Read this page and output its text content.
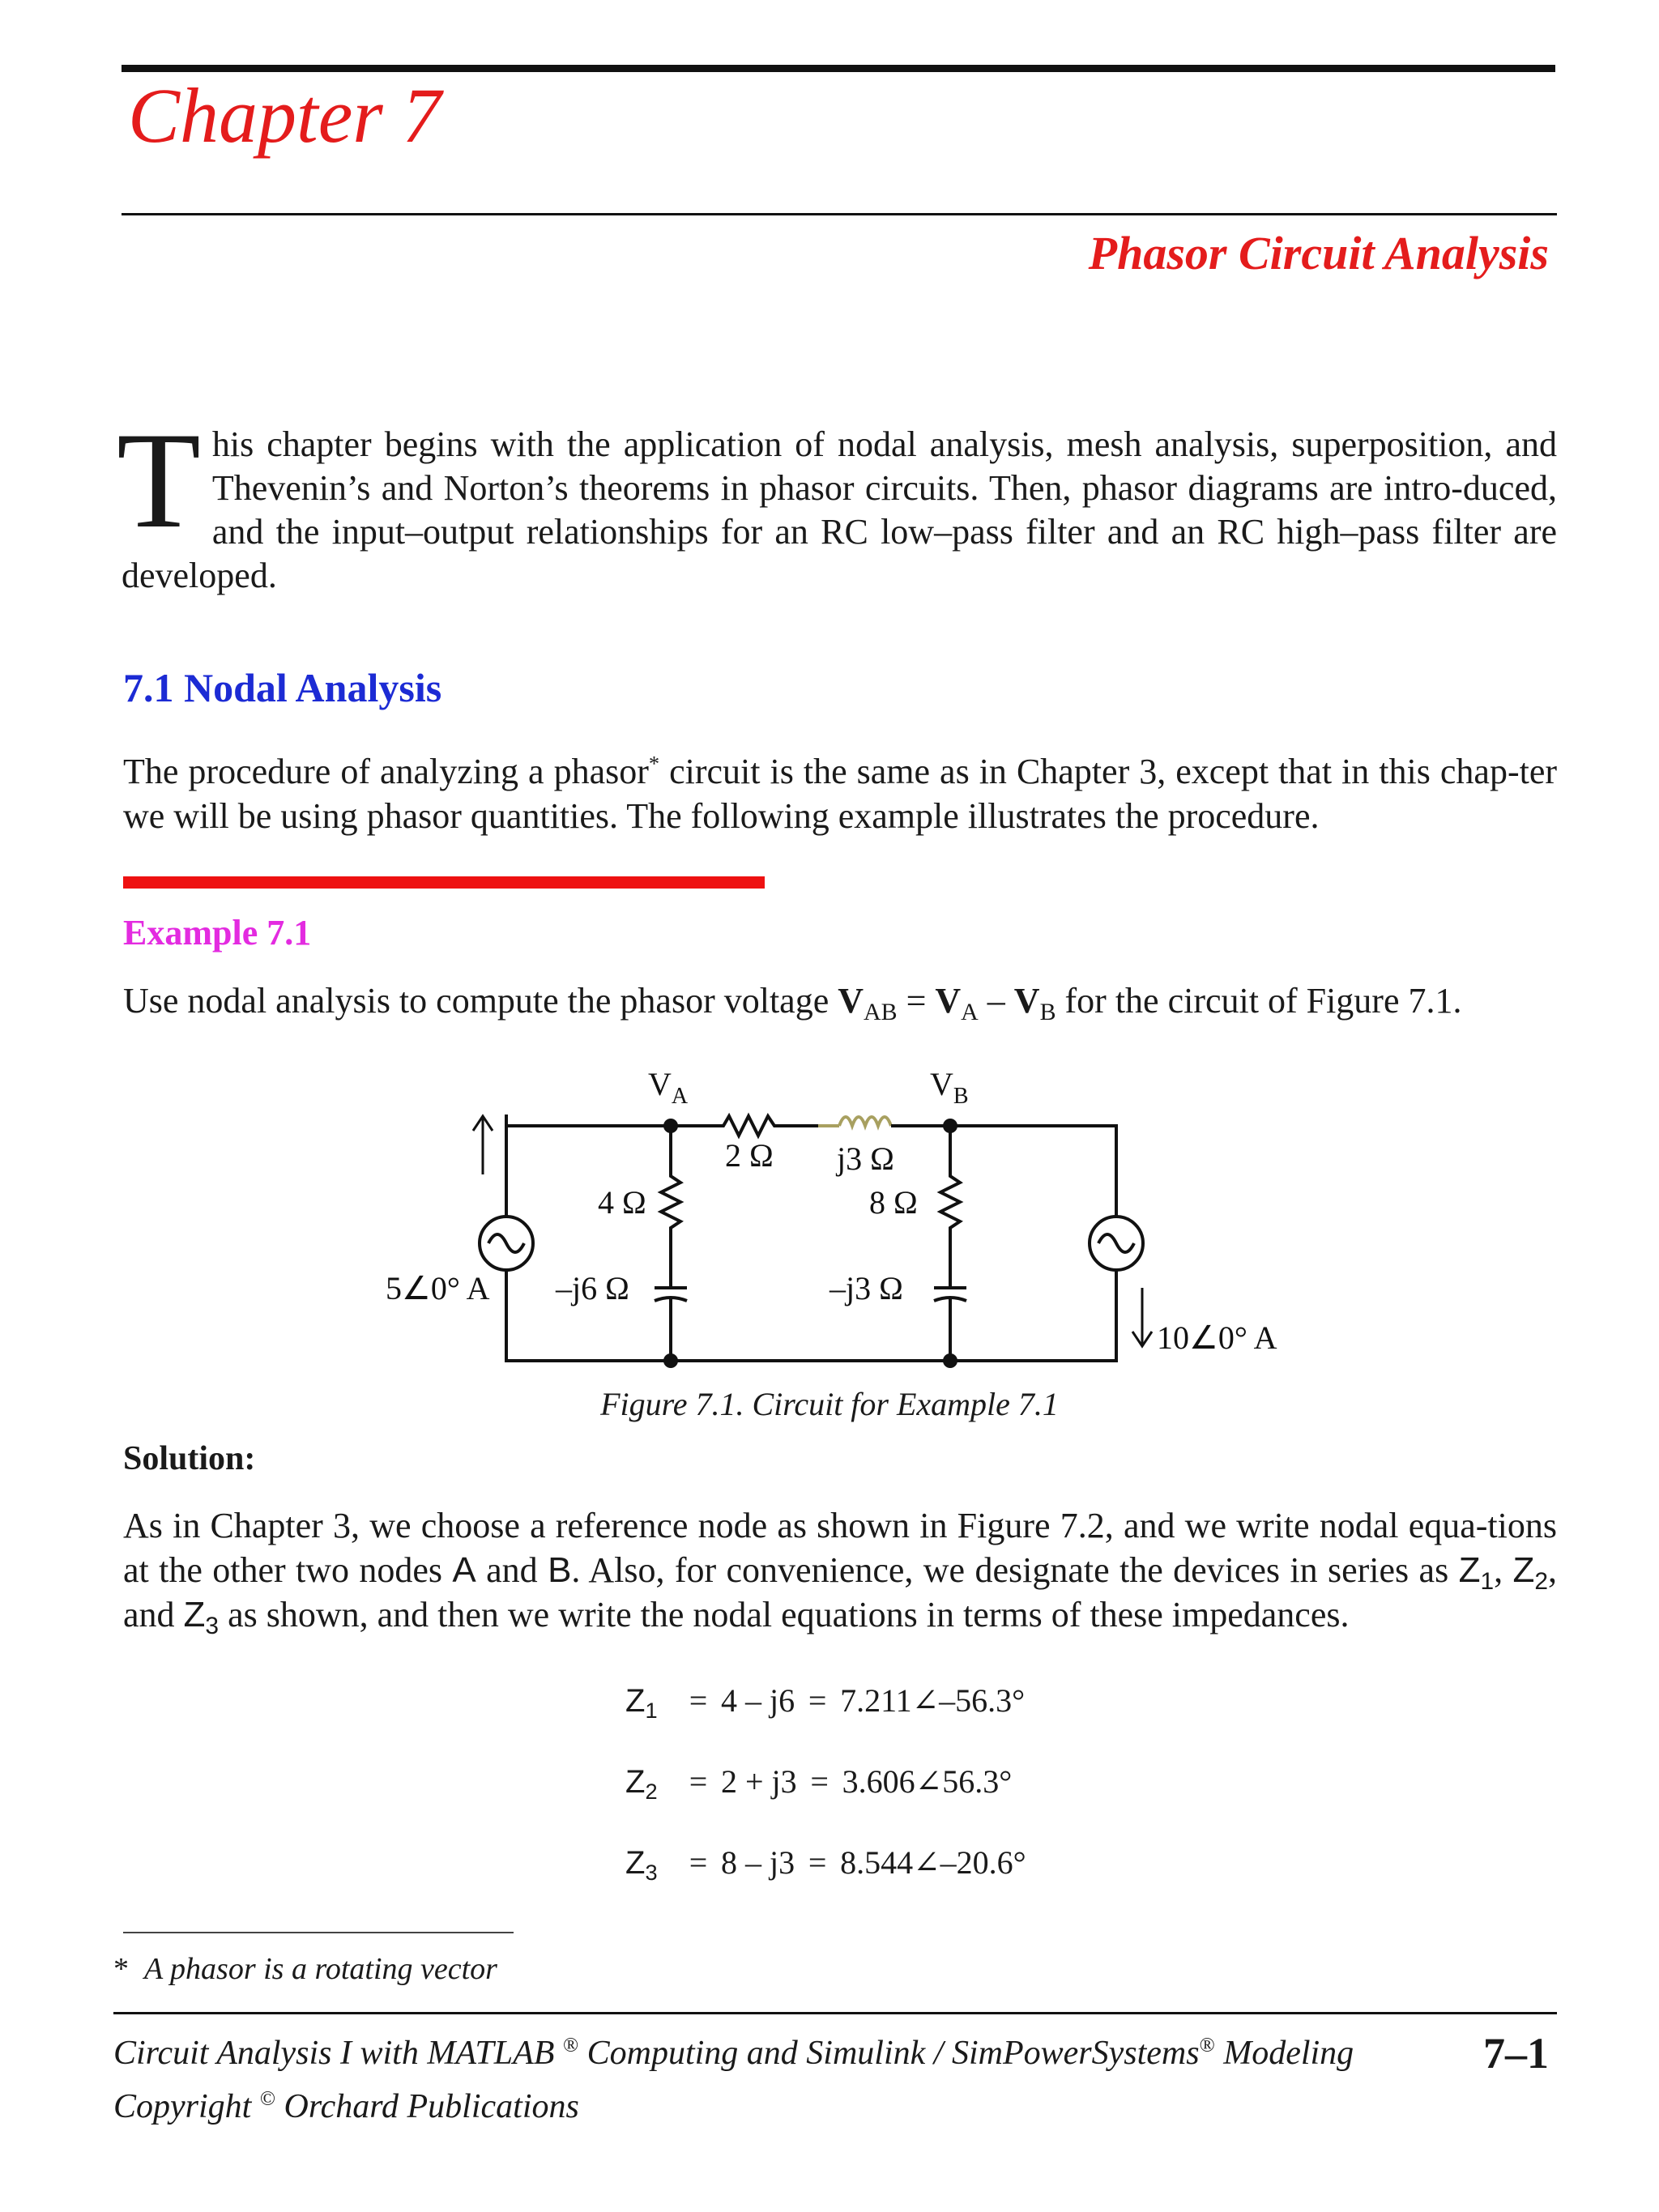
Chapter 7
Phasor Circuit Analysis
This chapter begins with the application of nodal analysis, mesh analysis, superposition, and Thevenin’s and Norton’s theorems in phasor circuits. Then, phasor diagrams are intro-duced, and the input–output relationships for an RC low–pass filter and an RC high–pass filter are developed.
7.1 Nodal Analysis
The procedure of analyzing a phasor* circuit is the same as in Chapter 3, except that in this chap-ter we will be using phasor quantities. The following example illustrates the procedure.
Example 7.1
Use nodal analysis to compute the phasor voltage $V_{AB} = V_A - V_B$ for the circuit of Figure 7.1.
$V_A$	$V_B$
2 Ω j3 Ω
4 Ω	8 Ω
–j6 Ω	–j3 Ω
5∠0° A
10∠0° A
Figure 7.1. Circuit for Example 7.1
Solution:
As in Chapter 3, we choose a reference node as shown in Figure 7.2, and we write nodal equa-tions at the other two nodes A and B. Also, for convenience, we designate the devices in series as $Z_1$, $Z_2$, and $Z_3$ as shown, and then we write the nodal equations in terms of these impedances.
$Z_1 = 4 - j6$ = 7.211∠–56.3°
$Z_2 = 2 + j3$ = 3.606∠56.3°
$Z_3 = 8 - j3$ = 8.544∠–20.6°
* A phasor is a rotating vector
Circuit Analysis I with MATLAB ® Computing and Simulink / SimPowerSystems® Modeling
Copyright © Orchard Publications
7–1
